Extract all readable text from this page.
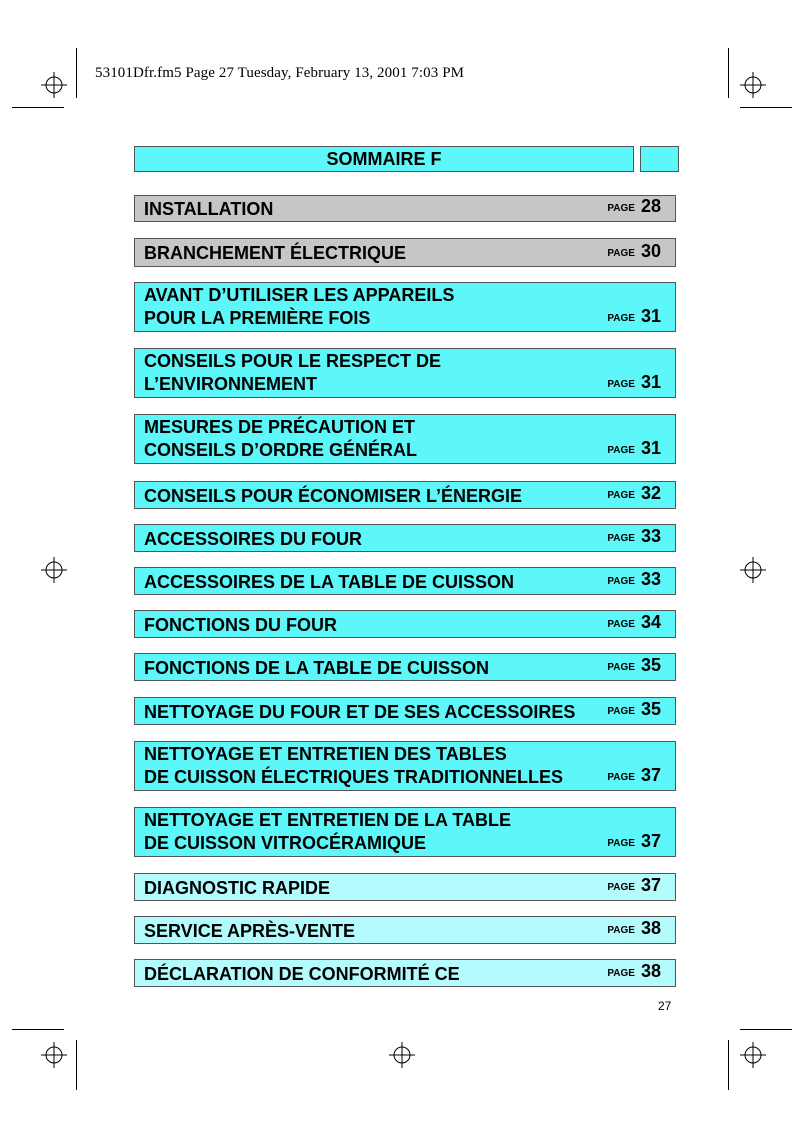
53101Dfr.fm5 Page 27 Tuesday, February 13, 2001 7:03 PM
SOMMAIRE F
INSTALLATION	PAGE 28
BRANCHEMENT ÉLECTRIQUE	PAGE 30
AVANT D’UTILISER LES APPAREILS
POUR LA PREMIÈRE FOIS	PAGE 31
CONSEILS POUR LE RESPECT DE
L’ENVIRONNEMENT	PAGE 31
MESURES DE PRÉCAUTION ET
CONSEILS D’ORDRE GÉNÉRAL	PAGE 31
CONSEILS POUR ÉCONOMISER L’ÉNERGIE	PAGE 32
ACCESSOIRES DU FOUR	PAGE 33
ACCESSOIRES DE LA TABLE DE CUISSON	PAGE 33
FONCTIONS DU FOUR	PAGE 34
FONCTIONS DE LA TABLE DE CUISSON	PAGE 35
NETTOYAGE DU FOUR ET DE SES ACCESSOIRES	PAGE 35
NETTOYAGE ET ENTRETIEN DES TABLES
DE CUISSON ÉLECTRIQUES TRADITIONNELLES	PAGE 37
NETTOYAGE ET ENTRETIEN DE LA TABLE
DE CUISSON VITROCÉRAMIQUE	PAGE 37
DIAGNOSTIC RAPIDE	PAGE 37
SERVICE APRÈS-VENTE	PAGE 38
DÉCLARATION DE CONFORMITÉ CE	PAGE 38
27
